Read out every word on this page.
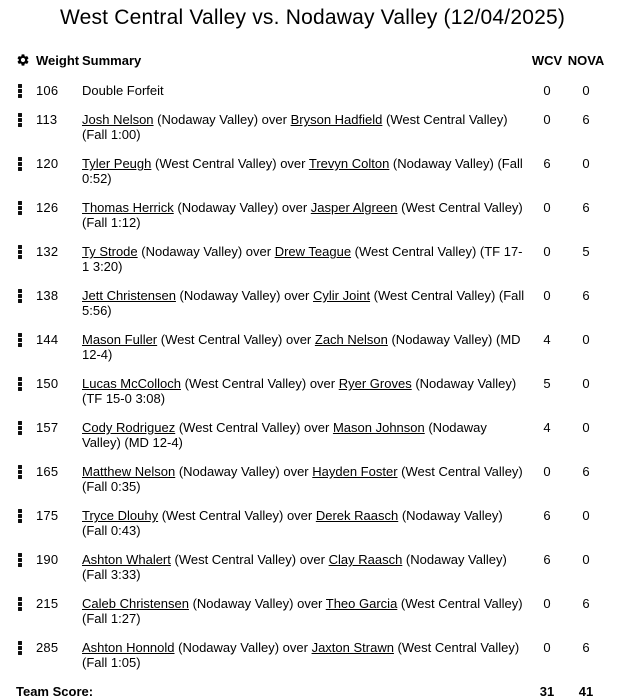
West Central Valley vs. Nodaway Valley (12/04/2025)
	Weight	Summary	WCV	NOVA

	106	Double Forfeit	0	0

	113	Josh Nelson (Nodaway Valley) over Bryson Hadfield (West Central Valley) (Fall 1:00)	0	6

	120	Tyler Peugh (West Central Valley) over Trevyn Colton (Nodaway Valley) (Fall 0:52)	6	0

	126	Thomas Herrick (Nodaway Valley) over Jasper Algreen (West Central Valley) (Fall 1:12)	0	6

	132	Ty Strode (Nodaway Valley) over Drew Teague (West Central Valley) (TF 17-1 3:20)	0	5

	138	Jett Christensen (Nodaway Valley) over Cylir Joint (West Central Valley) (Fall 5:56)	0	6

	144	Mason Fuller (West Central Valley) over Zach Nelson (Nodaway Valley) (MD 12-4)	4	0

	150	Lucas McColloch (West Central Valley) over Ryer Groves (Nodaway Valley) (TF 15-0 3:08)	5	0

	157	Cody Rodriguez (West Central Valley) over Mason Johnson (Nodaway Valley) (MD 12-4)	4	0

	165	Matthew Nelson (Nodaway Valley) over Hayden Foster (West Central Valley) (Fall 0:35)	0	6

	175	Tryce Dlouhy (West Central Valley) over Derek Raasch (Nodaway Valley) (Fall 0:43)	6	0

	190	Ashton Whalert (West Central Valley) over Clay Raasch (Nodaway Valley) (Fall 3:33)	6	0

	215	Caleb Christensen (Nodaway Valley) over Theo Garcia (West Central Valley) (Fall 1:27)	0	6

	285	Ashton Honnold (Nodaway Valley) over Jaxton Strawn (West Central Valley) (Fall 1:05)	0	6
Team Score:			31	41
